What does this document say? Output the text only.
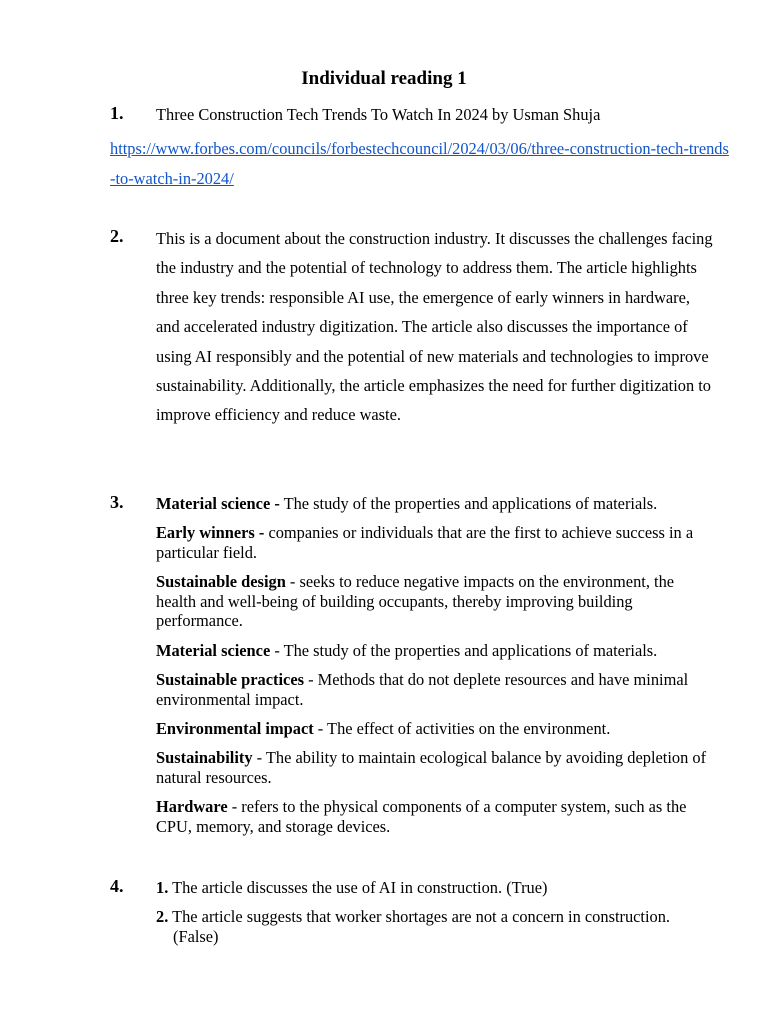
Individual reading 1
1. Three Construction Tech Trends To Watch In 2024 by Usman Shuja
https://www.forbes.com/councils/forbestechcouncil/2024/03/06/three-construction-tech-trends-to-watch-in-2024/
2. This is a document about the construction industry. It discusses the challenges facing the industry and the potential of technology to address them. The article highlights three key trends: responsible AI use, the emergence of early winners in hardware, and accelerated industry digitization. The article also discusses the importance of using AI responsibly and the potential of new materials and technologies to improve sustainability. Additionally, the article emphasizes the need for further digitization to improve efficiency and reduce waste.
3. Material science - The study of the properties and applications of materials.
Early winners - companies or individuals that are the first to achieve success in a particular field.
Sustainable design - seeks to reduce negative impacts on the environment, the health and well-being of building occupants, thereby improving building performance.
Material science - The study of the properties and applications of materials.
Sustainable practices - Methods that do not deplete resources and have minimal environmental impact.
Environmental impact - The effect of activities on the environment.
Sustainability - The ability to maintain ecological balance by avoiding depletion of natural resources.
Hardware - refers to the physical components of a computer system, such as the CPU, memory, and storage devices.
4. 1. The article discusses the use of AI in construction. (True)
2. The article suggests that worker shortages are not a concern in construction. (False)
